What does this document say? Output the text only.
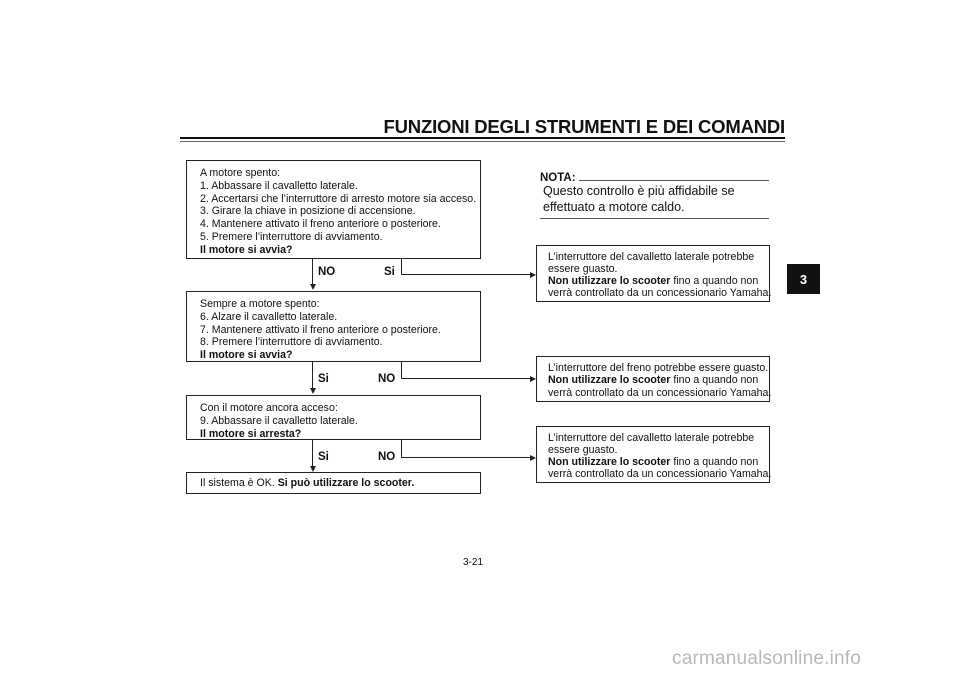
FUNZIONI DEGLI STRUMENTI E DEI COMANDI
A motore spento:
1. Abbassare il cavalletto laterale.
2. Accertarsi che l’interruttore di arresto motore sia acceso.
3. Girare la chiave in posizione di accensione.
4. Mantenere attivato il freno anteriore o posteriore.
5. Premere l’interruttore di avviamento.
Il motore si avvia?
NO	Si
Sempre a motore spento:
6. Alzare il cavalletto laterale.
7. Mantenere attivato il freno anteriore o posteriore.
8. Premere l’interruttore di avviamento.
Il motore si avvia?
Si	NO
Con il motore ancora acceso:
9. Abbassare il cavalletto laterale.
Il motore si arresta?
Si	NO
Il sistema è OK. Si può utilizzare lo scooter.
L’interruttore del cavalletto laterale potrebbe
essere guasto.
Non utilizzare lo scooter fino a quando non
verrà controllato da un concessionario Yamaha.
L’interruttore del freno potrebbe essere guasto.
Non utilizzare lo scooter fino a quando non
verrà controllato da un concessionario Yamaha.
L’interruttore del cavalletto laterale potrebbe
essere guasto.
Non utilizzare lo scooter fino a quando non
verrà controllato da un concessionario Yamaha.
NOTA:
Questo controllo è più affidabile se effettuato a motore caldo.
3
3-21
carmanualsonline.info
